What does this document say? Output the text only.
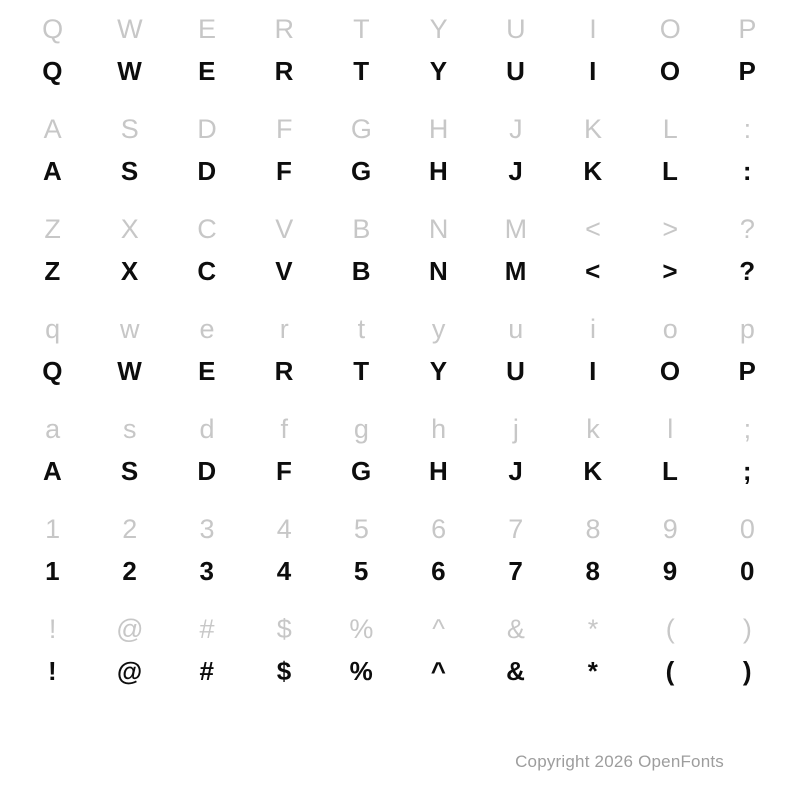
Q	W	E	R	T	Y	U	I	O	P
Q	W	E	R	T	Y	U	I	O	P
A	S	D	F	G	H	J	K	L	:
A	S	D	F	G	H	J	K	L	:
Z	X	C	V	B	N	M	<	>	?
Z	X	C	V	B	N	M	<	>	?
q	w	e	r	t	y	u	i	o	p
Q	W	E	R	T	Y	U	I	O	P
a	s	d	f	g	h	j	k	l	;
A	S	D	F	G	H	J	K	L	;
1	2	3	4	5	6	7	8	9	0
1	2	3	4	5	6	7	8	9	0
!	@	#	$	%	^	&	*	(	)
!	@	#	$	%	^	&	*	(	)
Copyright 2026 OpenFonts
